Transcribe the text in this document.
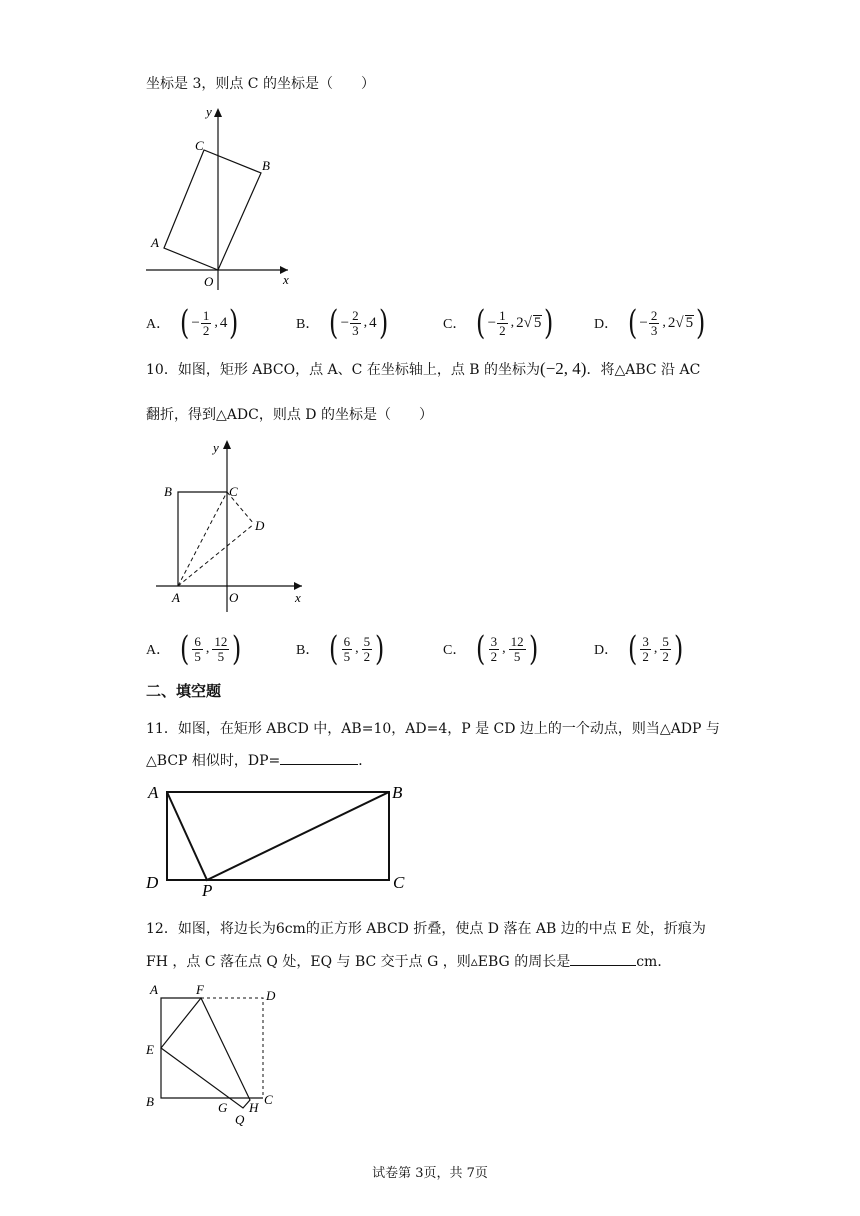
坐标是 3，则点 C 的坐标是（　　）
y
x
O
A
B
C
A． ( − $\frac{1}{2}$ , 4 )	B． ( − $\frac{2}{3}$ , 4 )	C． ( − $\frac{1}{2}$ , 2 √ 5 )	D． ( − $\frac{2}{3}$ , 2 √ 5 )
10．如图，矩形 ABCO，点 A、C 在坐标轴上，点 B 的坐标为(−2, 4)．将△ABC 沿 AC
翻折，得到△ADC，则点 D 的坐标是（　　）
y
x
O
A
B	C
D
A． ( $\frac{6}{5}$ , $\frac{12}{5}$ )	B． ( $\frac{6}{5}$ , $\frac{5}{2}$ )	C． ( $\frac{3}{2}$ , $\frac{12}{5}$ )	D． ( $\frac{3}{2}$ , $\frac{5}{2}$ )
二、填空题
11．如图，在矩形 ABCD 中，AB=10，AD=4，P 是 CD 边上的一个动点，则当△ADP 与
△BCP 相似时，DP=	．
A	B
C
D	P
12．如图，将边长为6cm的正方形 ABCD 折叠，使点 D 落在 AB 边的中点 E 处，折痕为
FH ，点 C 落在点 Q 处，EQ 与 BC 交于点 G ，则▵EBG 的周长是	cm．
A	F	D
E
B	G H
C
Q
试卷第 3页，共 7页
